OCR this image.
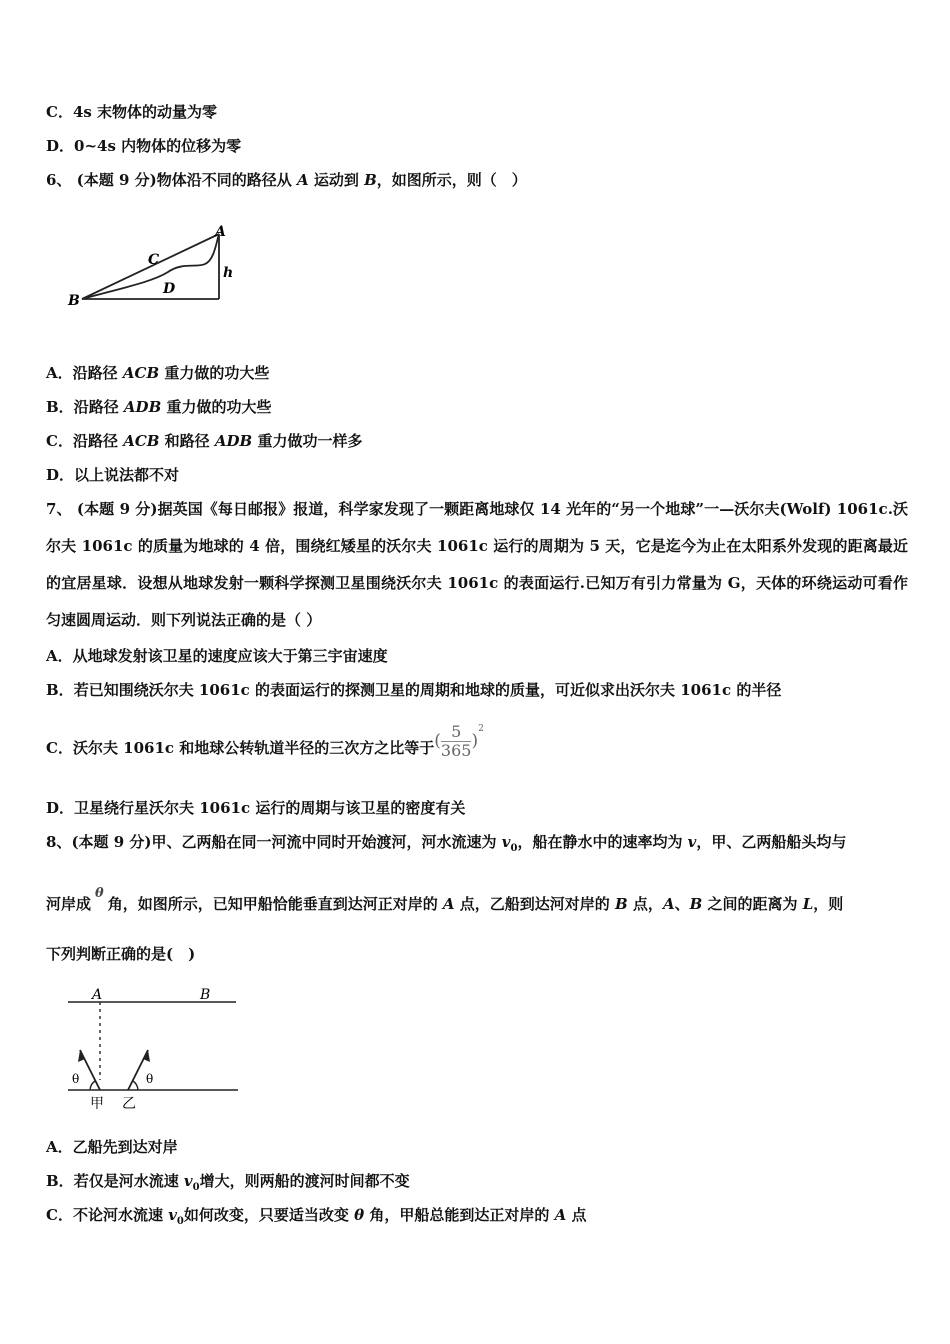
C．4s 末物体的动量为零
D．0~4s 内物体的位移为零
6、 (本题 9 分)物体沿不同的路径从 A 运动到 B，如图所示，则（　）
A
B
C
D
h
A．沿路径 ACB 重力做的功大些
B．沿路径 ADB 重力做的功大些
C．沿路径 ACB 和路径 ADB 重力做功一样多
D．以上说法都不对
7、 (本题 9 分)据英国《每日邮报》报道，科学家发现了一颗距离地球仅 14 光年的“另一个地球”一—沃尔夫(Wolf) 1061c.沃尔夫 1061c 的质量为地球的 4 倍，围绕红矮星的沃尔夫 1061c 运行的周期为 5 天，它是迄今为止在太阳系外发现的距离最近的宜居星球．设想从地球发射一颗科学探测卫星围绕沃尔夫 1061c 的表面运行.已知万有引力常量为 G，天体的环绕运动可看作匀速圆周运动．则下列说法正确的是（ ）
A．从地球发射该卫星的速度应该大于第三宇宙速度
B．若已知围绕沃尔夫 1061c 的表面运行的探测卫星的周期和地球的质量，可近似求出沃尔夫 1061c 的半径
C．沃尔夫 1061c 和地球公转轨道半径的三次方之比等于( $\frac{5}{365} )^2$
D．卫星绕行星沃尔夫 1061c 运行的周期与该卫星的密度有关
8、(本题 9 分)甲、乙两船在同一河流中同时开始渡河，河水流速为 $v_0$，船在静水中的速率均为 v，甲、乙两船船头均与
河岸成θ角，如图所示，已知甲船恰能垂直到达河正对岸的 A 点，乙船到达河对岸的 B 点，A、B 之间的距离为 L，则
下列判断正确的是(　)
A	B
θ	θ
甲 乙
A．乙船先到达对岸
B．若仅是河水流速 $v_0$增大，则两船的渡河时间都不变
C．不论河水流速 $v_0$如何改变，只要适当改变 θ 角，甲船总能到达正对岸的 A 点
